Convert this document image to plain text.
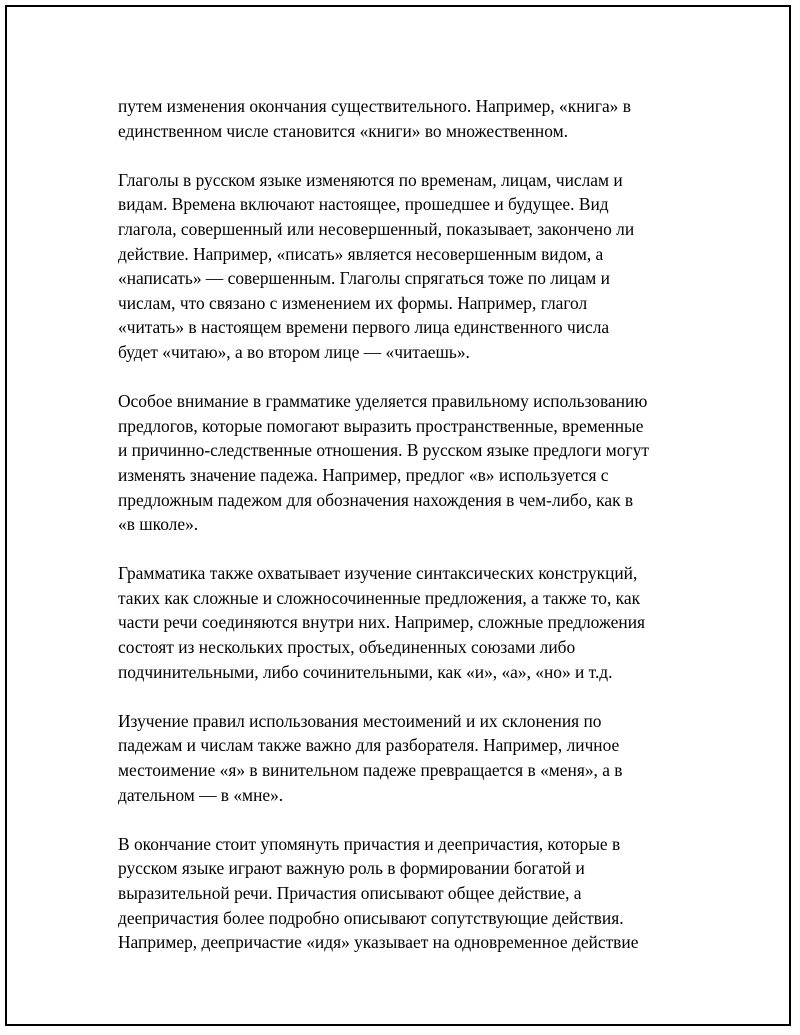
путем изменения окончания существительного. Например, «книга» в
единственном числе становится «книги» во множественном.

Глаголы в русском языке изменяются по временам, лицам, числам и
видам. Времена включают настоящее, прошедшее и будущее. Вид
глагола, совершенный или несовершенный, показывает, закончено ли
действие. Например, «писать» является несовершенным видом, а
«написать» — совершенным. Глаголы спрягаться тоже по лицам и
числам, что связано с изменением их формы. Например, глагол
«читать» в настоящем времени первого лица единственного числа
будет «читаю», а во втором лице — «читаешь».

Особое внимание в грамматике уделяется правильному использованию
предлогов, которые помогают выразить пространственные, временные
и причинно-следственные отношения. В русском языке предлоги могут
изменять значение падежа. Например, предлог «в» используется с
предложным падежом для обозначения нахождения в чем-либо, как в
«в школе».

Грамматика также охватывает изучение синтаксических конструкций,
таких как сложные и сложносочиненные предложения, а также то, как
части речи соединяются внутри них. Например, сложные предложения
состоят из нескольких простых, объединенных союзами либо
подчинительными, либо сочинительными, как «и», «а», «но» и т.д.

Изучение правил использования местоимений и их склонения по
падежам и числам также важно для разборателя. Например, личное
местоимение «я» в винительном падеже превращается в «меня», а в
дательном — в «мне».

В окончание стоит упомянуть причастия и деепричастия, которые в
русском языке играют важную роль в формировании богатой и
выразительной речи. Причастия описывают общее действие, а
деепричастия более подробно описывают сопутствующие действия.
Например, деепричастие «идя» указывает на одновременное действие
